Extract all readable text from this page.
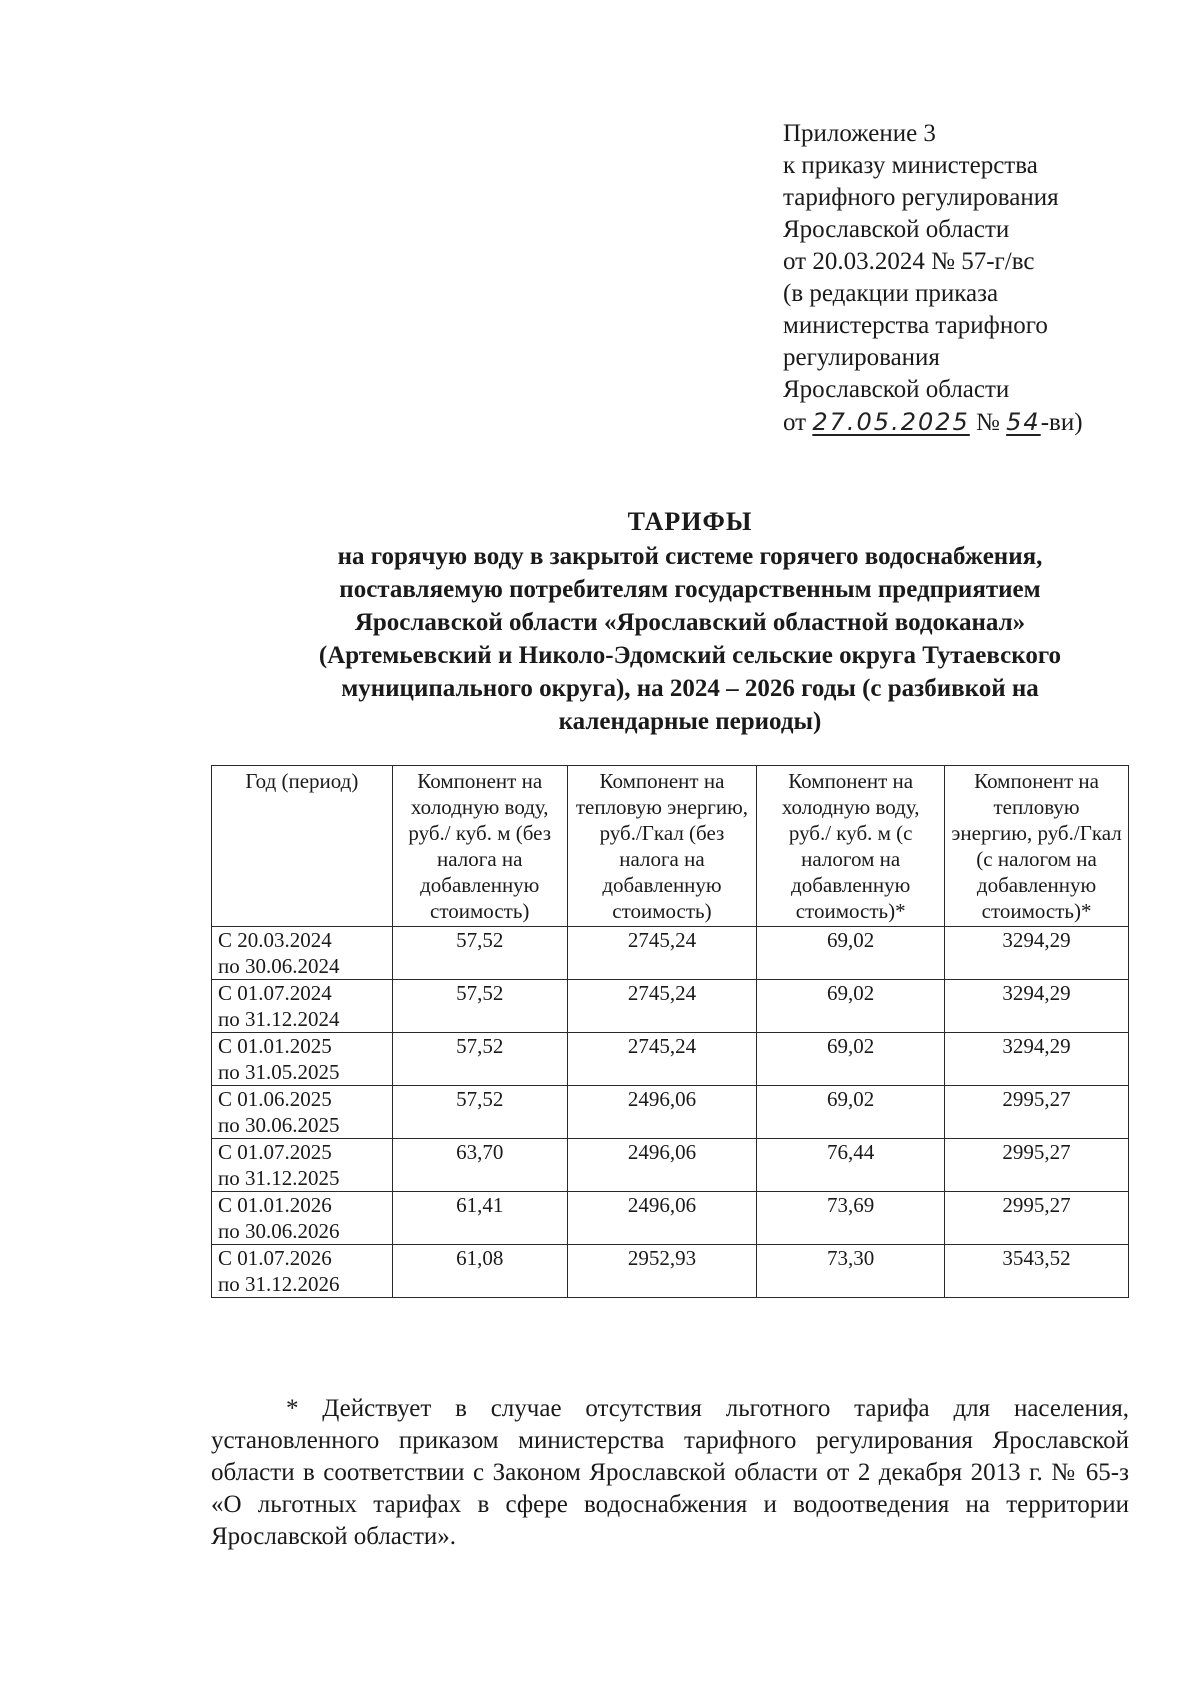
Приложение 3
к приказу министерства
тарифного регулирования
Ярославской области
от 20.03.2024 № 57-г/вс
(в редакции приказа
министерства тарифного
регулирования
Ярославской области
от 27.05.2025 № 54-ви)
ТАРИФЫ
на горячую воду в закрытой системе горячего водоснабжения,
поставляемую потребителям государственным предприятием
Ярославской области «Ярославский областной водоканал»
(Артемьевский и Николо-Эдомский сельские округа Тутаевского
муниципального округа), на 2024 – 2026 годы (с разбивкой на
календарные периоды)
Год (период)	Компонент на холодную воду, руб./ куб. м (без налога на добавленную стоимость)	Компонент на тепловую энергию, руб./Гкал (без налога на добавленную стоимость)	Компонент на холодную воду, руб./ куб. м (с налогом на добавленную стоимость)*	Компонент на тепловую энергию, руб./Гкал (с налогом на добавленную стоимость)*

С 20.03.2024
по 30.06.2024	57,52	2745,24	69,02	3294,29
С 01.07.2024
по 31.12.2024	57,52	2745,24	69,02	3294,29
С 01.01.2025
по 31.05.2025	57,52	2745,24	69,02	3294,29
С 01.06.2025
по 30.06.2025	57,52	2496,06	69,02	2995,27
С 01.07.2025
по 31.12.2025	63,70	2496,06	76,44	2995,27
С 01.01.2026
по 30.06.2026	61,41	2496,06	73,69	2995,27
С 01.07.2026
по 31.12.2026	61,08	2952,93	73,30	3543,52
* Действует в случае отсутствия льготного тарифа для населения, установленного приказом министерства тарифного регулирования Ярославской области в соответствии с Законом Ярославской области от 2 декабря 2013 г. № 65-з «О льготных тарифах в сфере водоснабжения и водоотведения на территории Ярославской области».
